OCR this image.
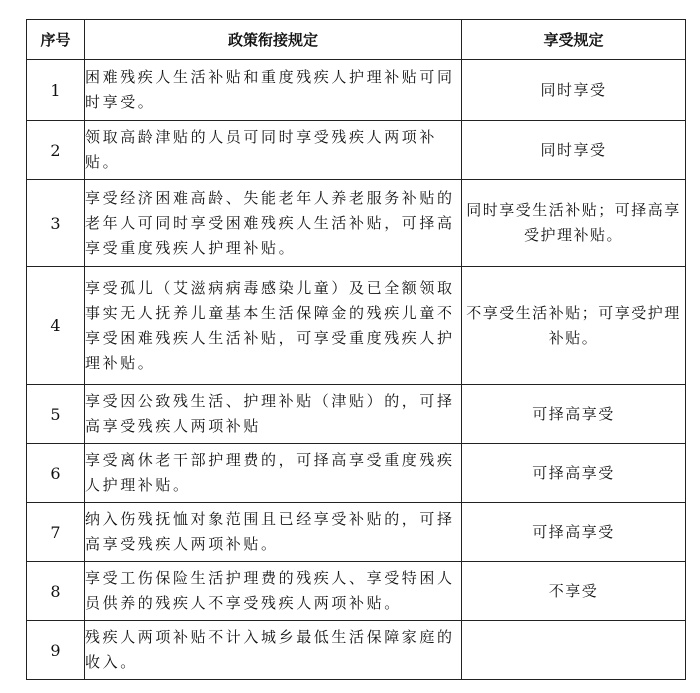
序号	政策衔接规定	享受规定
1	困难残疾人生活补贴和重度残疾人护理补贴可同时享受。	同时享受
2	领取高龄津贴的人员可同时享受残疾人两项补贴。	同时享受
3	享受经济困难高龄、失能老年人养老服务补贴的老年人可同时享受困难残疾人生活补贴，可择高享受重度残疾人护理补贴。	同时享受生活补贴；可择高享受护理补贴。
4	享受孤儿（艾滋病病毒感染儿童）及已全额领取事实无人抚养儿童基本生活保障金的残疾儿童不享受困难残疾人生活补贴，可享受重度残疾人护理补贴。	不享受生活补贴；可享受护理补贴。
5	享受因公致残生活、护理补贴（津贴）的，可择高享受残疾人两项补贴	可择高享受
6	享受离休老干部护理费的，可择高享受重度残疾人护理补贴。	可择高享受
7	纳入伤残抚恤对象范围且已经享受补贴的，可择高享受残疾人两项补贴。	可择高享受
8	享受工伤保险生活护理费的残疾人、享受特困人员供养的残疾人不享受残疾人两项补贴。	不享受
9	残疾人两项补贴不计入城乡最低生活保障家庭的收入。	
